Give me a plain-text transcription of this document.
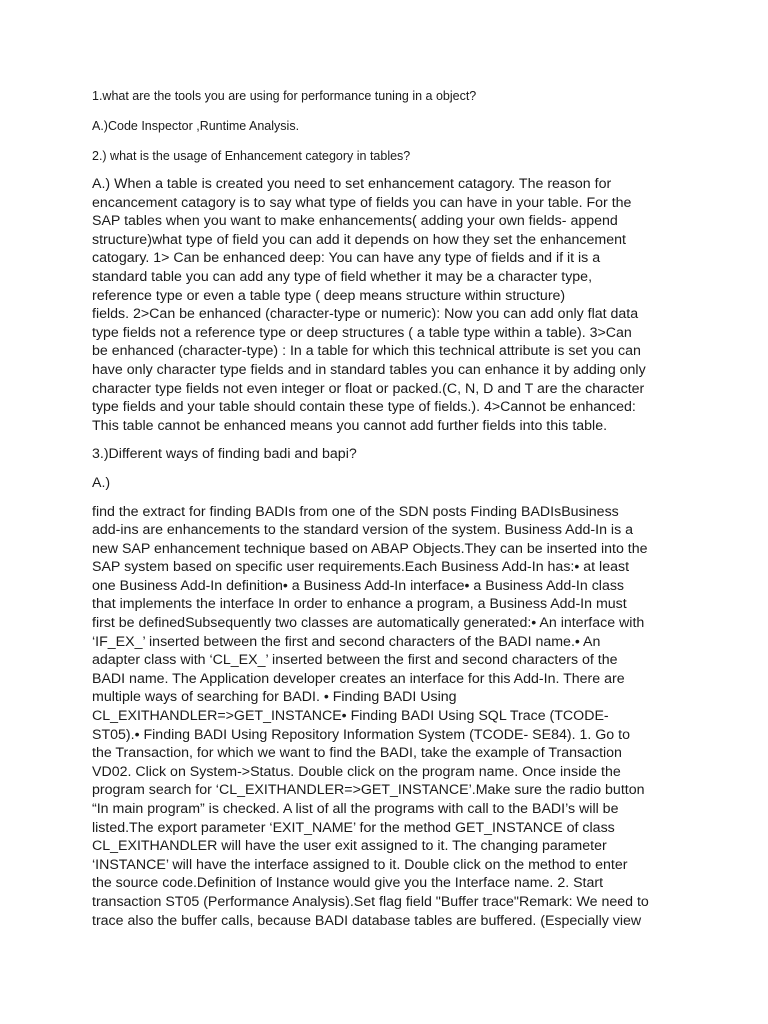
1.what are the tools you are using for performance tuning in a object?

A.)Code Inspector ,Runtime Analysis.

2.) what is the usage of Enhancement category in tables?

A.) When a table is created you need to set enhancement catagory. The reason for
encancement catagory is to say what type of fields you can have in your table. For the
SAP tables when you want to make enhancements( adding your own fields- append
structure)what type of field you can add it depends on how they set the enhancement
catogary. 1> Can be enhanced deep: You can have any type of fields and if it is a
standard table you can add any type of field whether it may be a character type,
reference type or even a table type ( deep means structure within structure)
fields. 2>Can be enhanced (character-type or numeric): Now you can add only flat data
type fields not a reference type or deep structures ( a table type within a table). 3>Can
be enhanced (character-type) : In a table for which this technical attribute is set you can
have only character type fields and in standard tables you can enhance it by adding only
character type fields not even integer or float or packed.(C, N, D and T are the character
type fields and your table should contain these type of fields.). 4>Cannot be enhanced:
This table cannot be enhanced means you cannot add further fields into this table.

3.)Different ways of finding badi and bapi?

A.)

find the extract for finding BADIs from one of the SDN posts Finding BADIsBusiness
add-ins are enhancements to the standard version of the system. Business Add-In is a
new SAP enhancement technique based on ABAP Objects.They can be inserted into the
SAP system based on specific user requirements.Each Business Add-In has:• at least
one Business Add-In definition• a Business Add-In interface• a Business Add-In class
that implements the interface In order to enhance a program, a Business Add-In must
first be definedSubsequently two classes are automatically generated:• An interface with
‘IF_EX_’ inserted between the first and second characters of the BADI name.• An
adapter class with ‘CL_EX_’ inserted between the first and second characters of the
BADI name. The Application developer creates an interface for this Add-In. There are
multiple ways of searching for BADI. • Finding BADI Using
CL_EXITHANDLER=>GET_INSTANCE• Finding BADI Using SQL Trace (TCODE-
ST05).• Finding BADI Using Repository Information System (TCODE- SE84). 1. Go to
the Transaction, for which we want to find the BADI, take the example of Transaction
VD02. Click on System->Status. Double click on the program name. Once inside the
program search for ‘CL_EXITHANDLER=>GET_INSTANCE’.Make sure the radio button
“In main program” is checked. A list of all the programs with call to the BADI’s will be
listed.The export parameter ‘EXIT_NAME’ for the method GET_INSTANCE of class
CL_EXITHANDLER will have the user exit assigned to it. The changing parameter
‘INSTANCE’ will have the interface assigned to it. Double click on the method to enter
the source code.Definition of Instance would give you the Interface name. 2. Start
transaction ST05 (Performance Analysis).Set flag field "Buffer trace"Remark: We need to
trace also the buffer calls, because BADI database tables are buffered. (Especially view
